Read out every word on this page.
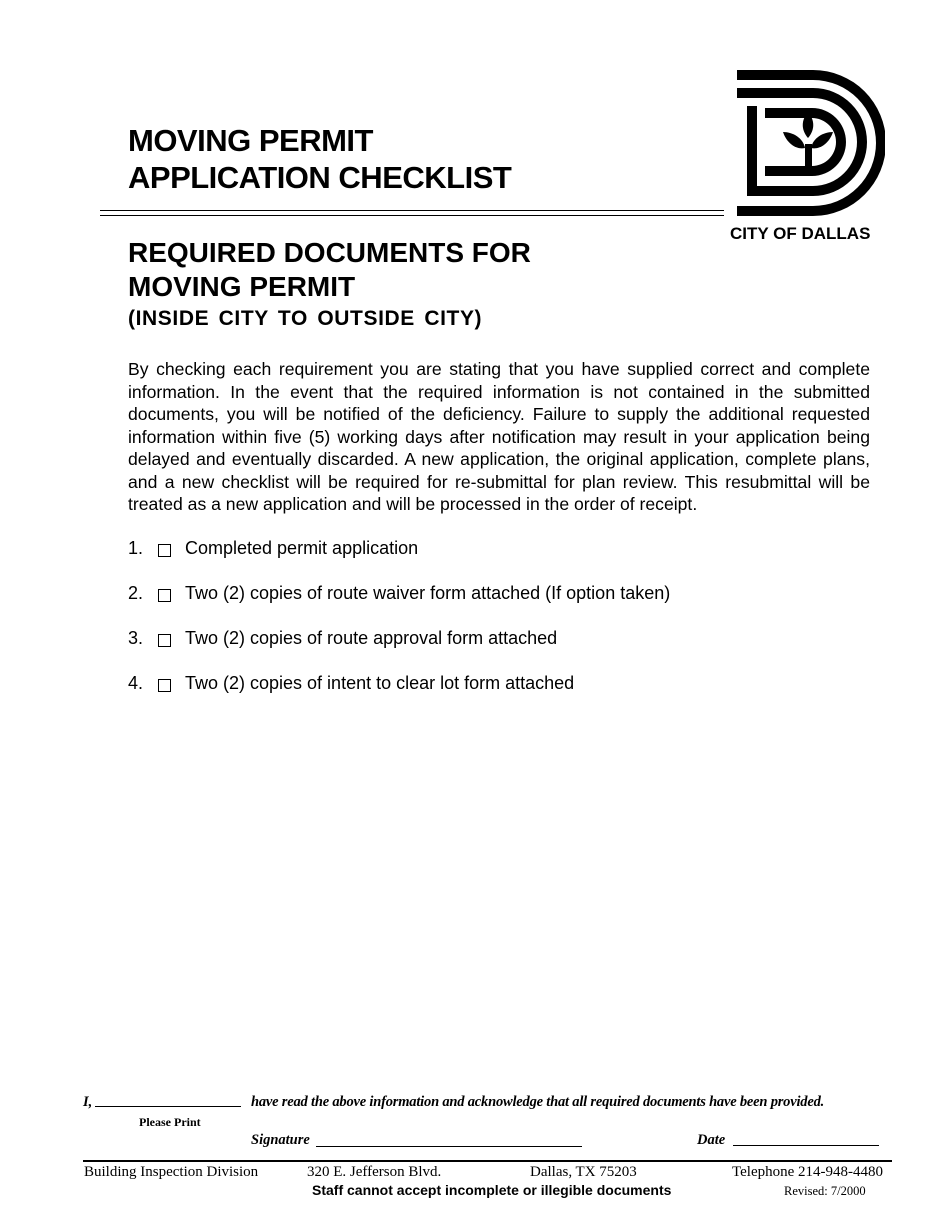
MOVING PERMIT
APPLICATION CHECKLIST
CITY OF DALLAS
REQUIRED DOCUMENTS FOR
MOVING PERMIT
(INSIDE CITY TO OUTSIDE CITY)
By checking each requirement you are stating that you have supplied correct and complete information. In the event that the required information is not contained in the submitted documents, you will be notified of the deficiency. Failure to supply the additional requested information within five (5) working days after notification may result in your application being delayed and eventually discarded. A new application, the original application, complete plans, and a new checklist will be required for re-submittal for plan review. This resubmittal will be treated as a new application and will be processed in the order of receipt.
1.	Completed permit application
2.	Two (2) copies of route waiver form attached (If option taken)
3.	Two (2) copies of route approval form attached
4.	Two (2) copies of intent to clear lot form attached
I,	have read the above information and acknowledge that all required documents have been provided.
Please Print
Signature	Date
Building Inspection Division	320 E. Jefferson Blvd.	Dallas, TX 75203	Telephone 214-948-4480
Staff cannot accept incomplete or illegible documents	Revised: 7/2000
